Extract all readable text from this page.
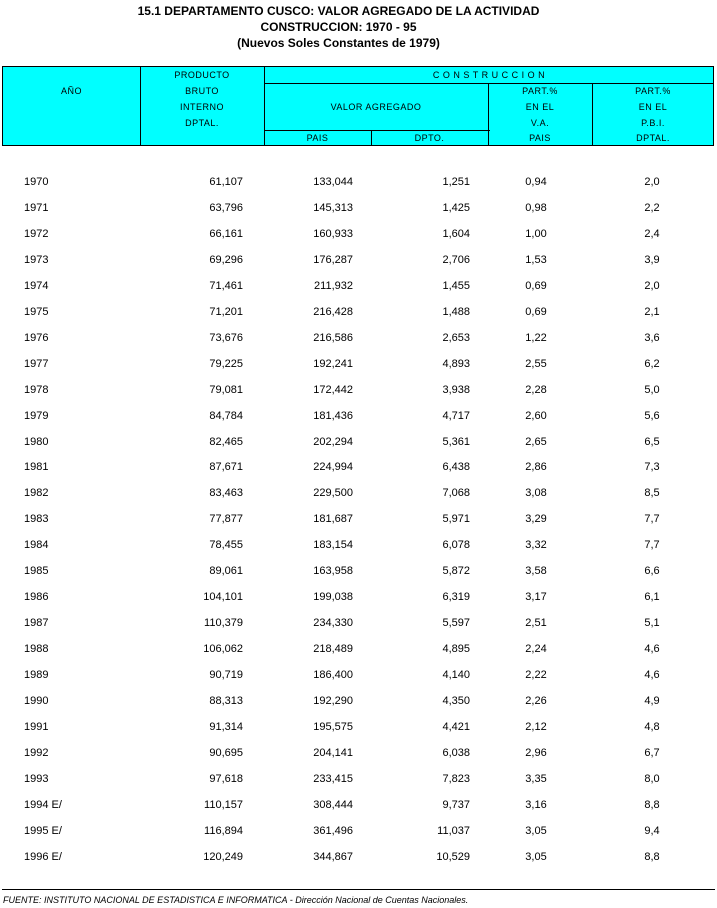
15.1 DEPARTAMENTO CUSCO: VALOR AGREGADO DE LA ACTIVIDAD
CONSTRUCCION: 1970 - 95
(Nuevos Soles Constantes de 1979)
AÑO
PRODUCTO
BRUTO
INTERNO
DPTAL.
C O N S T R U C C I O N
VALOR AGREGADO
PAIS	DPTO.
PART.%
EN EL
V.A.
PAIS
PART.%
EN EL
P.B.I.
DPTAL.
1970	61,107	133,044	1,251	0,94	2,0
1971	63,796	145,313	1,425	0,98	2,2
1972	66,161	160,933	1,604	1,00	2,4
1973	69,296	176,287	2,706	1,53	3,9
1974	71,461	211,932	1,455	0,69	2,0
1975	71,201	216,428	1,488	0,69	2,1
1976	73,676	216,586	2,653	1,22	3,6
1977	79,225	192,241	4,893	2,55	6,2
1978	79,081	172,442	3,938	2,28	5,0
1979	84,784	181,436	4,717	2,60	5,6
1980	82,465	202,294	5,361	2,65	6,5
1981	87,671	224,994	6,438	2,86	7,3
1982	83,463	229,500	7,068	3,08	8,5
1983	77,877	181,687	5,971	3,29	7,7
1984	78,455	183,154	6,078	3,32	7,7
1985	89,061	163,958	5,872	3,58	6,6
1986	104,101	199,038	6,319	3,17	6,1
1987	110,379	234,330	5,597	2,51	5,1
1988	106,062	218,489	4,895	2,24	4,6
1989	90,719	186,400	4,140	2,22	4,6
1990	88,313	192,290	4,350	2,26	4,9
1991	91,314	195,575	4,421	2,12	4,8
1992	90,695	204,141	6,038	2,96	6,7
1993	97,618	233,415	7,823	3,35	8,0
1994 E/	110,157	308,444	9,737	3,16	8,8
1995 E/	116,894	361,496	11,037	3,05	9,4
1996 E/	120,249	344,867	10,529	3,05	8,8
FUENTE: INSTITUTO NACIONAL DE ESTADISTICA E INFORMATICA - Dirección Nacional de Cuentas Nacionales.
